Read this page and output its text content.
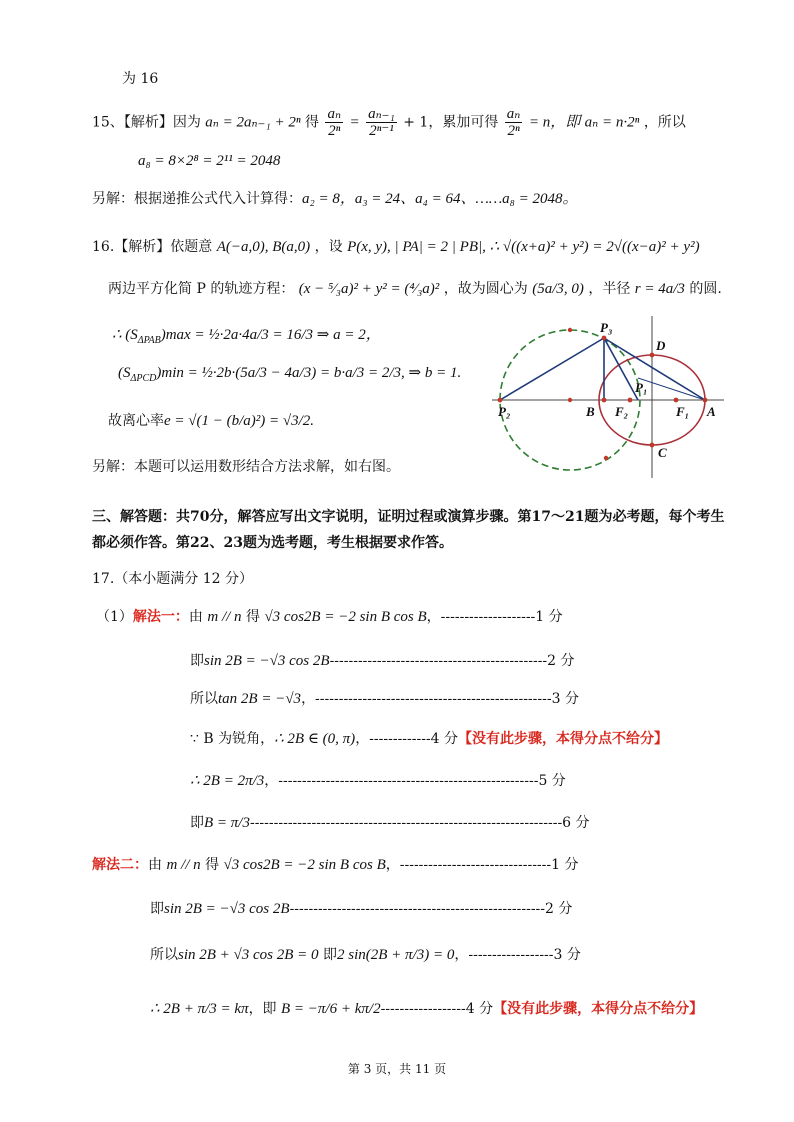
为 16
15、【解析】因为 aₙ = 2aₙ₋₁ + 2ⁿ 得 $\frac{\text{aₙ}}{\text{2ⁿ}} = \frac{\text{aₙ₋₁}}{\text{2ⁿ⁻¹}} + 1$，累加可得 $\frac{\text{aₙ}}{\text{2ⁿ}} = n$，即 aₙ = n·2ⁿ ，所以
a₈ = 8×2⁸ = 2¹¹ = 2048
另解：根据递推公式代入计算得：a₂ = 8，a₃ = 24、a₄ = 64、……a₈ = 2048。
16.【解析】依题意 A(−a,0), B(a,0) ，设 P(x, y), | PA| = 2 | PB|, ∴ √((x+a)² + y²) = 2√((x−a)² + y²)
两边平方化简 P 的轨迹方程： (x − ⁵⁄₃a)² + y² = (⁴⁄₃a)² ，故为圆心为 (5a/3, 0) ，半径 r = 4a/3 的圆.
∴ $(S_{\Delta PAB})\max$ = ½·2a·4a/3 = 16/3 ⇒ a = 2，
$(S_{\Delta PCD})\min$ = ½·2b·(5a/3 − 4a/3) = b·a/3 = 2/3, ⇒ b = 1.
故离心率e = √(1 − (b/a)²) = √3/2.
另解：本题可以运用数形结合方法求解，如右图。
P₃
D
P₁
P₂	B F₂	F₁ A
C
三、解答题：共70分，解答应写出文字说明，证明过程或演算步骤。第17～21题为必考题，每个考生
都必须作答。第22、23题为选考题，考生根据要求作答。
17.（本小题满分 12 分）
（1）解法一：由 m // n 得 √3 cos2B = −2 sin B cos B，--------------------1 分
即sin 2B = −√3 cos 2B----------------------------------------------2 分
所以tan 2B = −√3，--------------------------------------------------3 分
∵ B 为锐角，∴ 2B ∈ (0, π)，-------------4 分【没有此步骤，本得分点不给分】
∴ 2B = 2π/3，-------------------------------------------------------5 分
即B = π/3------------------------------------------------------------------6 分
解法二：由 m // n 得 √3 cos2B = −2 sin B cos B，--------------------------------1 分
即sin 2B = −√3 cos 2B------------------------------------------------------2 分
所以sin 2B + √3 cos 2B = 0 即2 sin(2B + π/3) = 0，------------------3 分
∴ 2B + π/3 = kπ，即 B = −π/6 + kπ/2------------------4 分【没有此步骤，本得分点不给分】
第 3 页，共 11 页
